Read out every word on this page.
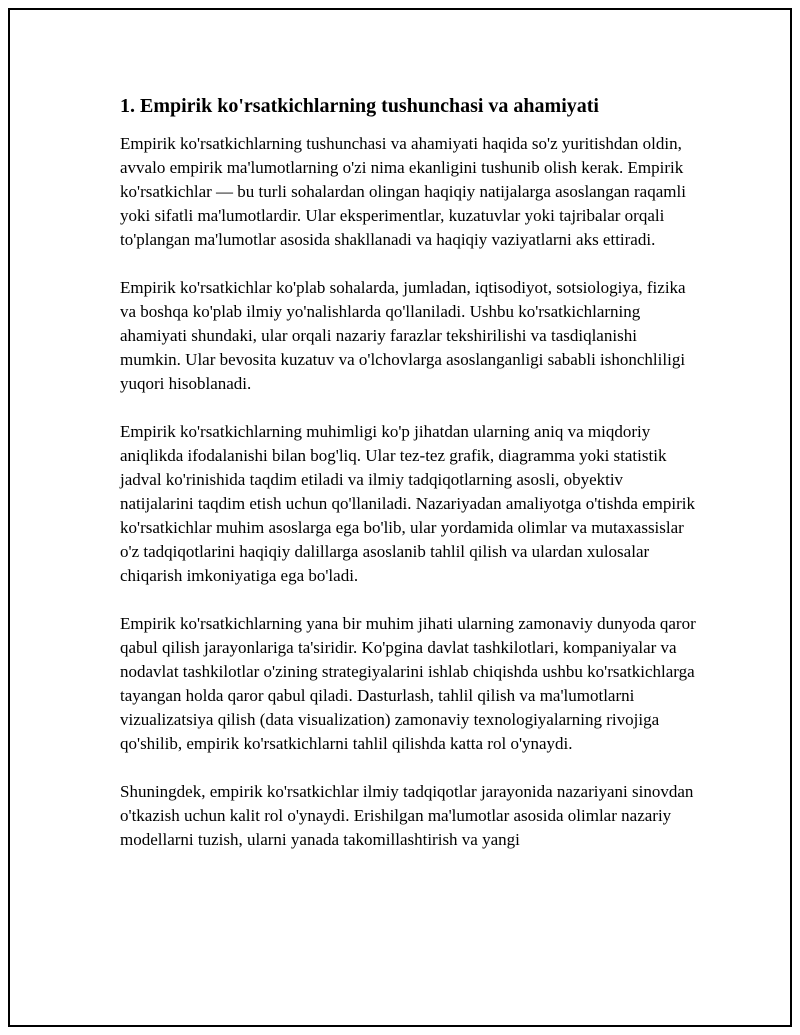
1. Empirik ko'rsatkichlarning tushunchasi va ahamiyati

Empirik ko'rsatkichlarning tushunchasi va ahamiyati haqida so'z yuritishdan oldin, avvalo empirik ma'lumotlarning o'zi nima ekanligini tushunib olish kerak. Empirik ko'rsatkichlar — bu turli sohalardan olingan haqiqiy natijalarga asoslangan raqamli yoki sifatli ma'lumotlardir. Ular eksperimentlar, kuzatuvlar yoki tajribalar orqali to'plangan ma'lumotlar asosida shakllanadi va haqiqiy vaziyatlarni aks ettiradi.

Empirik ko'rsatkichlar ko'plab sohalarda, jumladan, iqtisodiyot, sotsiologiya, fizika va boshqa ko'plab ilmiy yo'nalishlarda qo'llaniladi. Ushbu ko'rsatkichlarning ahamiyati shundaki, ular orqali nazariy farazlar tekshirilishi va tasdiqlanishi mumkin. Ular bevosita kuzatuv va o'lchovlarga asoslanganligi sababli ishonchliligi yuqori hisoblanadi.

Empirik ko'rsatkichlarning muhimligi ko'p jihatdan ularning aniq va miqdoriy aniqlikda ifodalanishi bilan bog'liq. Ular tez-tez grafik, diagramma yoki statistik jadval ko'rinishida taqdim etiladi va ilmiy tadqiqotlarning asosli, obyektiv natijalarini taqdim etish uchun qo'llaniladi. Nazariyadan amaliyotga o'tishda empirik ko'rsatkichlar muhim asoslarga ega bo'lib, ular yordamida olimlar va mutaxassislar o'z tadqiqotlarini haqiqiy dalillarga asoslanib tahlil qilish va ulardan xulosalar chiqarish imkoniyatiga ega bo'ladi.

Empirik ko'rsatkichlarning yana bir muhim jihati ularning zamonaviy dunyoda qaror qabul qilish jarayonlariga ta'siridir. Ko'pgina davlat tashkilotlari, kompaniyalar va nodavlat tashkilotlar o'zining strategiyalarini ishlab chiqishda ushbu ko'rsatkichlarga tayangan holda qaror qabul qiladi. Dasturlash, tahlil qilish va ma'lumotlarni vizualizatsiya qilish (data visualization) zamonaviy texnologiyalarning rivojiga qo'shilib, empirik ko'rsatkichlarni tahlil qilishda katta rol o'ynaydi.

Shuningdek, empirik ko'rsatkichlar ilmiy tadqiqotlar jarayonida nazariyani sinovdan o'tkazish uchun kalit rol o'ynaydi. Erishilgan ma'lumotlar asosida olimlar nazariy modellarni tuzish, ularni yanada takomillashtirish va yangi
